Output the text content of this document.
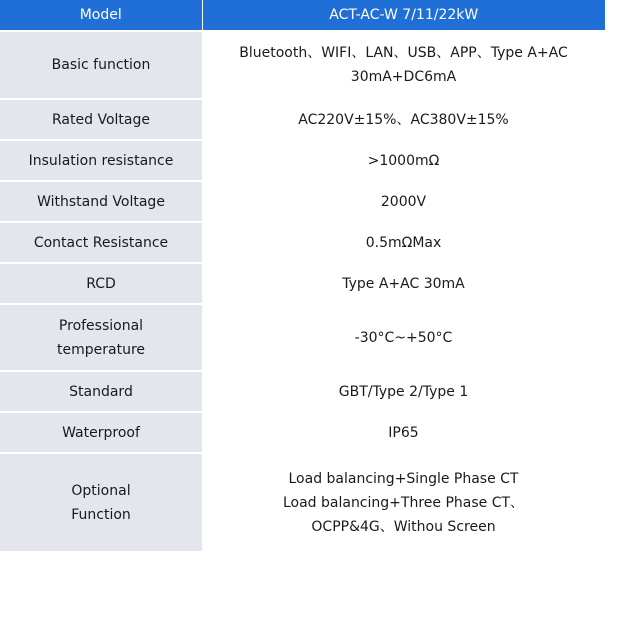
Model	ACT-AC-W 7/11/22kW

Basic function	Bluetooth、WIFI、LAN、USB、APP、Type A+AC
30mA+DC6mA

Rated Voltage	AC220V±15%、AC380V±15%

Insulation resistance	>1000mΩ

Withstand Voltage	2000V

Contact Resistance	0.5mΩMax

RCD	Type A+AC 30mA

Professional
temperature	-30°C~+50°C

Standard	GBT/Type 2/Type 1

Waterproof	IP65

Optional
Function	Load balancing+Single Phase CT
Load balancing+Three Phase CT、
OCPP&4G、Withou Screen
